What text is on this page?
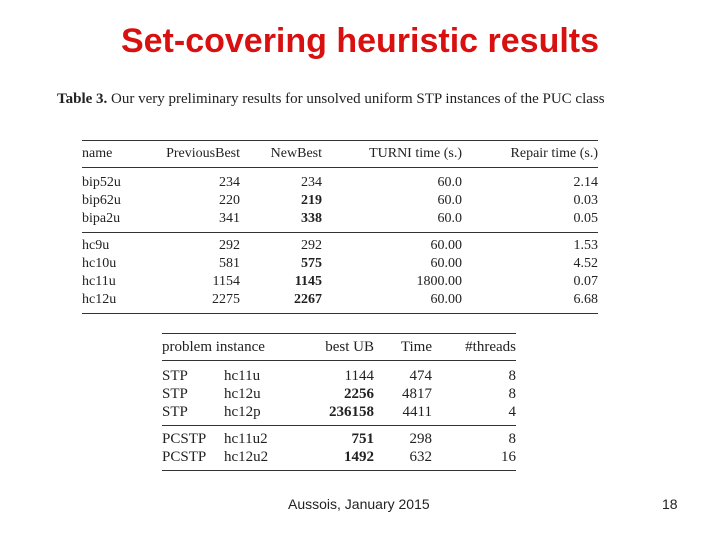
Set-covering heuristic results
Table 3. Our very preliminary results for unsolved uniform STP instances of the PUC class
name	PreviousBest	NewBest	TURNI time (s.)	Repair time (s.)
bip52u	234	234	60.0	2.14
bip62u	220	219	60.0	0.03
bipa2u	341	338	60.0	0.05
hc9u	292	292	60.00	1.53
hc10u	581	575	60.00	4.52
hc11u	1154	1145	1800.00	0.07
hc12u	2275	2267	60.00	6.68
problem instance		best UB	Time	#threads
STP	hc11u	1144	474	8
STP	hc12u	2256	4817	8
STP	hc12p	236158	4411	4
PCSTP	hc11u2	751	298	8
PCSTP	hc12u2	1492	632	16
Aussois, January 2015	18
